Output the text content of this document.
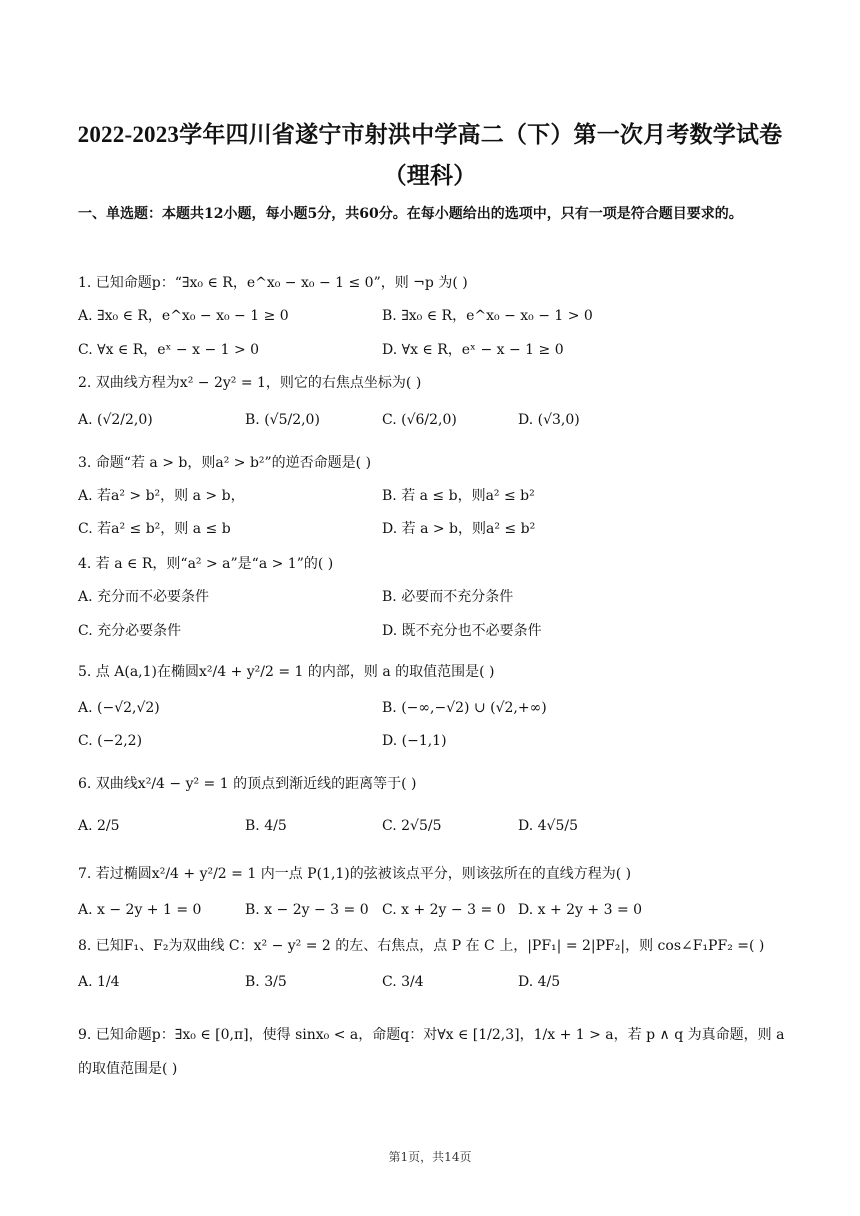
2022-2023学年四川省遂宁市射洪中学高二（下）第一次月考数学试卷
（理科）
一、单选题：本题共12小题，每小题5分，共60分。在每小题给出的选项中，只有一项是符合题目要求的。
1. 已知命题p：“∃x₀ ∈ R，e^x₀ − x₀ − 1 ≤ 0”，则 ¬p 为( )
A. ∃x₀ ∈ R，e^x₀ − x₀ − 1 ≥ 0	B. ∃x₀ ∈ R，e^x₀ − x₀ − 1 > 0
C. ∀x ∈ R，eˣ − x − 1 > 0	D. ∀x ∈ R，eˣ − x − 1 ≥ 0
2. 双曲线方程为x² − 2y² = 1，则它的右焦点坐标为( )
A. (√2/2,0)	B. (√5/2,0)	C. (√6/2,0)	D. (√3,0)
3. 命题“若 a > b，则a² > b²”的逆否命题是( )
A. 若a² > b²，则 a > b，	B. 若 a ≤ b，则a² ≤ b²
C. 若a² ≤ b²，则 a ≤ b	D. 若 a > b，则a² ≤ b²
4. 若 a ∈ R，则“a² > a”是“a > 1”的( )
A. 充分而不必要条件	B. 必要而不充分条件
C. 充分必要条件	D. 既不充分也不必要条件
5. 点 A(a,1)在椭圆x²/4 + y²/2 = 1 的内部，则 a 的取值范围是( )
A. (−√2,√2)	B. (−∞,−√2) ∪ (√2,+∞)
C. (−2,2)	D. (−1,1)
6. 双曲线x²/4 − y² = 1 的顶点到渐近线的距离等于( )
A. 2/5	B. 4/5	C. 2√5/5	D. 4√5/5
7. 若过椭圆x²/4 + y²/2 = 1 内一点 P(1,1)的弦被该点平分，则该弦所在的直线方程为( )
A. x − 2y + 1 = 0	B. x − 2y − 3 = 0 C. x + 2y − 3 = 0 D. x + 2y + 3 = 0
8. 已知F₁、F₂为双曲线 C：x² − y² = 2 的左、右焦点，点 P 在 C 上，|PF₁| = 2|PF₂|，则 cos∠F₁PF₂ =( )
A. 1/4	B. 3/5	C. 3/4	D. 4/5
9. 已知命题p：∃x₀ ∈ [0,π]，使得 sinx₀ < a，命题q：对∀x ∈ [1/2,3]，1/x + 1 > a，若 p ∧ q 为真命题，则 a
的取值范围是( )
第1页，共14页
